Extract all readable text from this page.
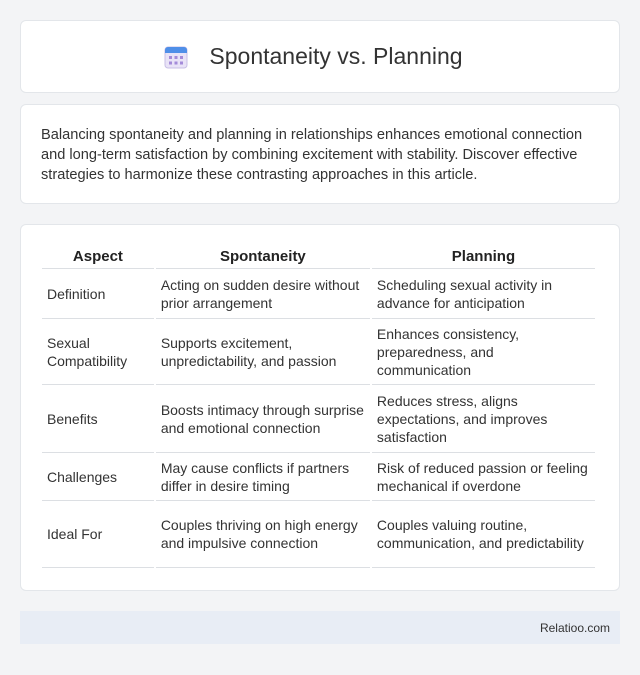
Spontaneity vs. Planning

Balancing spontaneity and planning in relationships enhances emotional connection and long-term satisfaction by combining excitement with stability. Discover effective strategies to harmonize these contrasting approaches in this article.

Aspect	Spontaneity	Planning
Definition	Acting on sudden desire without prior arrangement	Scheduling sexual activity in advance for anticipation
Sexual Compatibility	Supports excitement, unpredictability, and passion	Enhances consistency, preparedness, and communication
Benefits	Boosts intimacy through surprise and emotional connection	Reduces stress, aligns expectations, and improves satisfaction
Challenges	May cause conflicts if partners differ in desire timing	Risk of reduced passion or feeling mechanical if overdone
Ideal For	Couples thriving on high energy and impulsive connection	Couples valuing routine, communication, and predictability
Relatioo.com
